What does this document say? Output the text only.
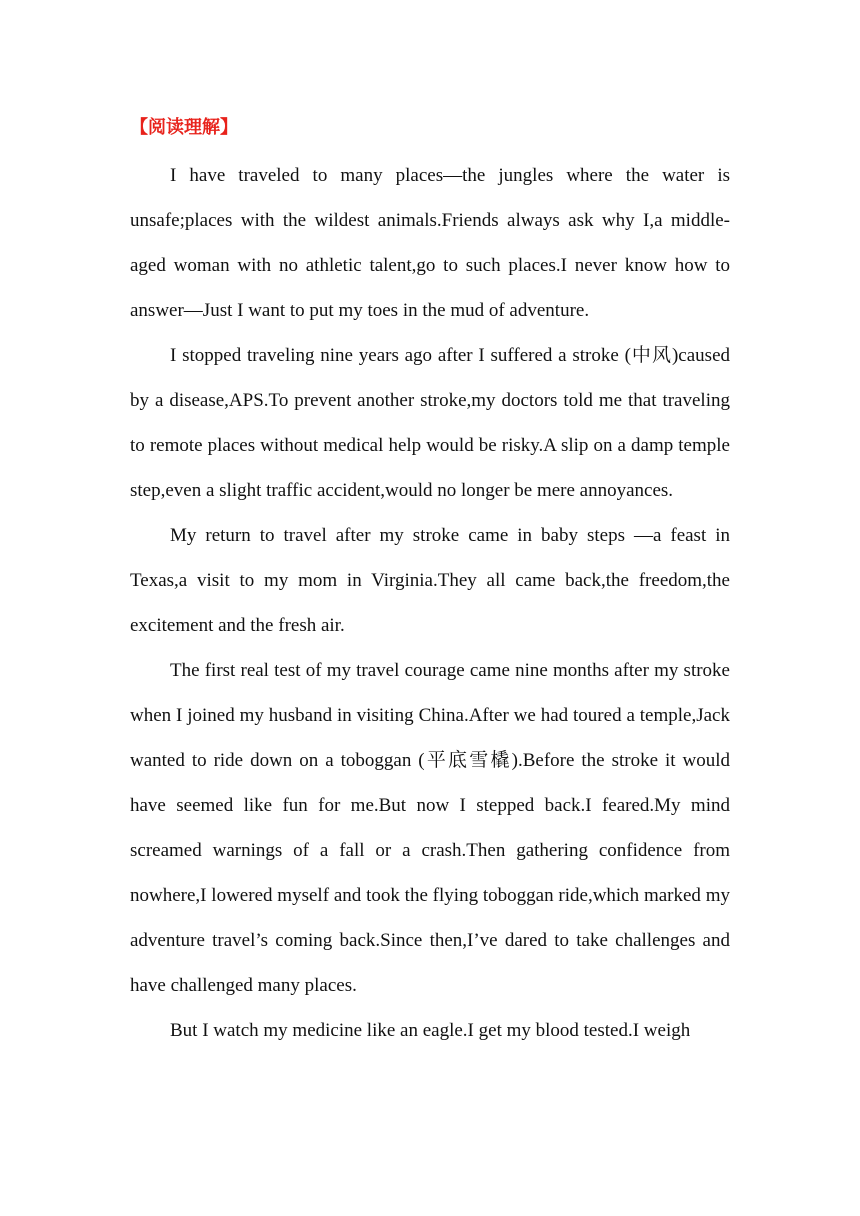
【阅读理解】

I have traveled to many places—the jungles where the water is unsafe;places with the wildest animals.Friends always ask why I,a middle-aged woman with no athletic talent,go to such places.I never know how to answer—Just I want to put my toes in the mud of adventure.

I stopped traveling nine years ago after I suffered a stroke (中风)caused by a disease,APS.To prevent another stroke,my doctors told me that traveling to remote places without medical help would be risky.A slip on a damp temple step,even a slight traffic accident,would no longer be mere annoyances.

My return to travel after my stroke came in baby steps —a feast in Texas,a visit to my mom in Virginia.They all came back,the freedom,the excitement and the fresh air.

The first real test of my travel courage came nine months after my stroke when I joined my husband in visiting China.After we had toured a temple,Jack wanted to ride down on a toboggan (平底雪橇).Before the stroke it would have seemed like fun for me.But now I stepped back.I feared.My mind screamed warnings of a fall or a crash.Then gathering confidence from nowhere,I lowered myself and took the flying toboggan ride,which marked my adventure travel’s coming back.Since then,I’ve dared to take challenges and have challenged many places.

But I watch my medicine like an eagle.I get my blood tested.I weigh
